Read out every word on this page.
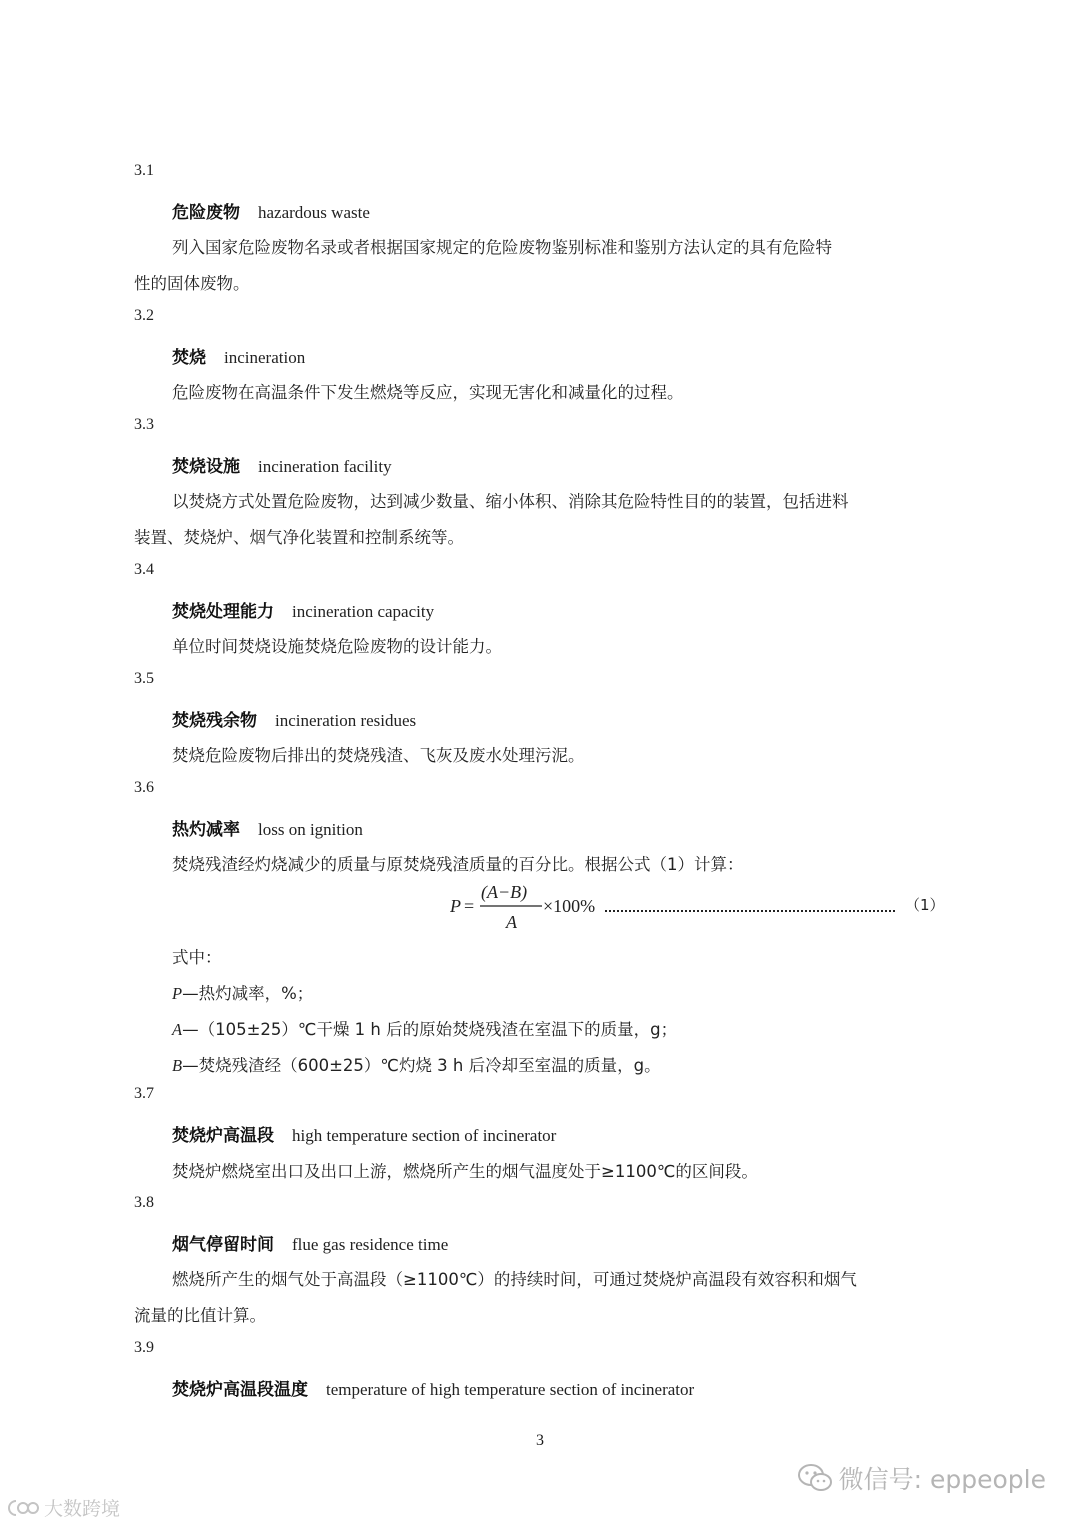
3.1
危险废物 hazardous waste
列入国家危险废物名录或者根据国家规定的危险废物鉴别标准和鉴别方法认定的具有危险特
性的固体废物。
3.2
焚烧 incineration
危险废物在高温条件下发生燃烧等反应，实现无害化和减量化的过程。
3.3
焚烧设施 incineration facility
以焚烧方式处置危险废物，达到减少数量、缩小体积、消除其危险特性目的的装置，包括进料
装置、焚烧炉、烟气净化装置和控制系统等。
3.4
焚烧处理能力 incineration capacity
单位时间焚烧设施焚烧危险废物的设计能力。
3.5
焚烧残余物 incineration residues
焚烧危险废物后排出的焚烧残渣、飞灰及废水处理污泥。
3.6
热灼减率 loss on ignition
焚烧残渣经灼烧减少的质量与原焚烧残渣质量的百分比。根据公式（1）计算：
P =
(A−B)
A
×100%	（1）
式中：
P—热灼减率，%；
A—（105±25）℃干燥 1 h 后的原始焚烧残渣在室温下的质量，g；
B—焚烧残渣经（600±25）℃灼烧 3 h 后冷却至室温的质量，g。
3.7
焚烧炉高温段 high temperature section of incinerator
焚烧炉燃烧室出口及出口上游，燃烧所产生的烟气温度处于≥1100℃的区间段。
3.8
烟气停留时间 flue gas residence time
燃烧所产生的烟气处于高温段（≥1100℃）的持续时间，可通过焚烧炉高温段有效容积和烟气
流量的比值计算。
3.9
焚烧炉高温段温度 temperature of high temperature section of incinerator
3
微信号: eppeople
大数跨境
